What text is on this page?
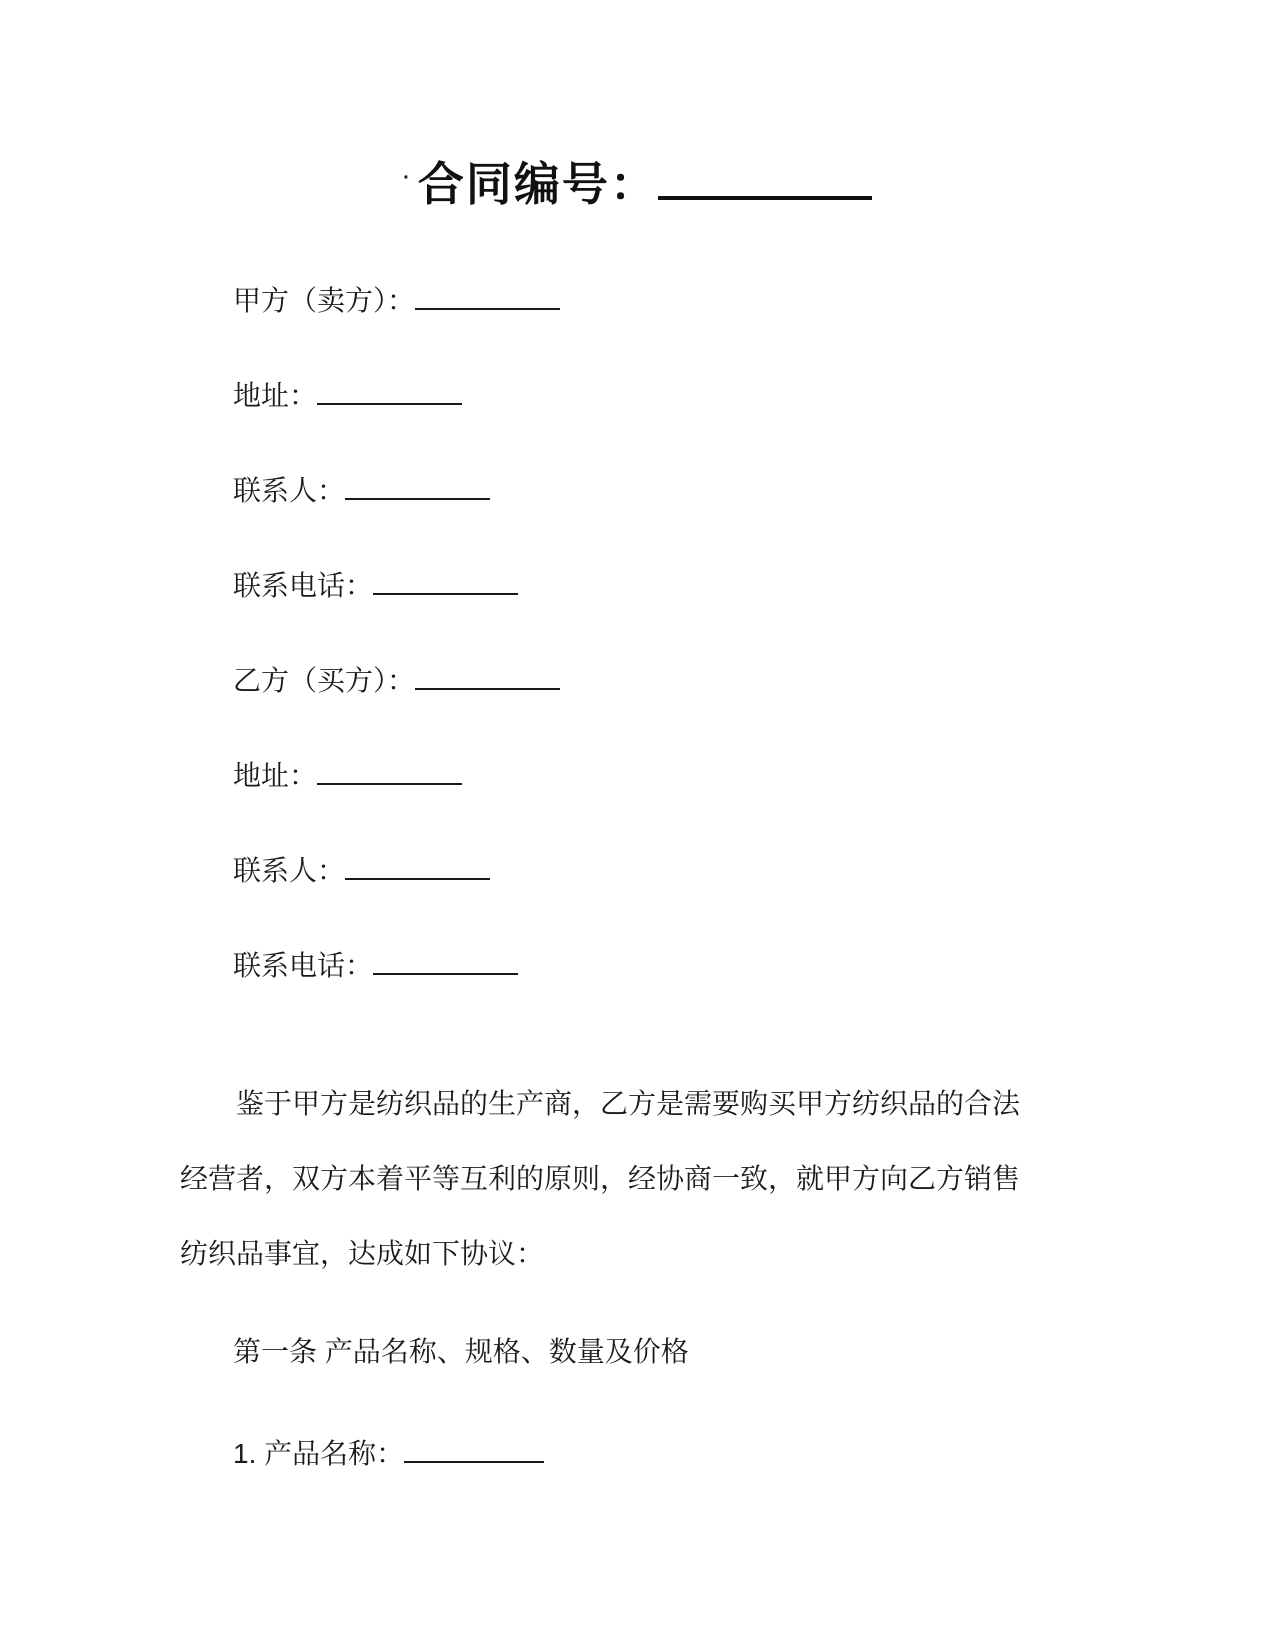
· 合同编号：

甲方（卖方）：

地址：

联系人：

联系电话：

乙方（买方）：

地址：

联系人：

联系电话：

鉴于甲方是纺织品的生产商，乙方是需要购买甲方纺织品的合法经营者，双方本着平等互利的原则，经协商一致，就甲方向乙方销售纺织品事宜，达成如下协议：

第一条 产品名称、规格、数量及价格

1. 产品名称：
